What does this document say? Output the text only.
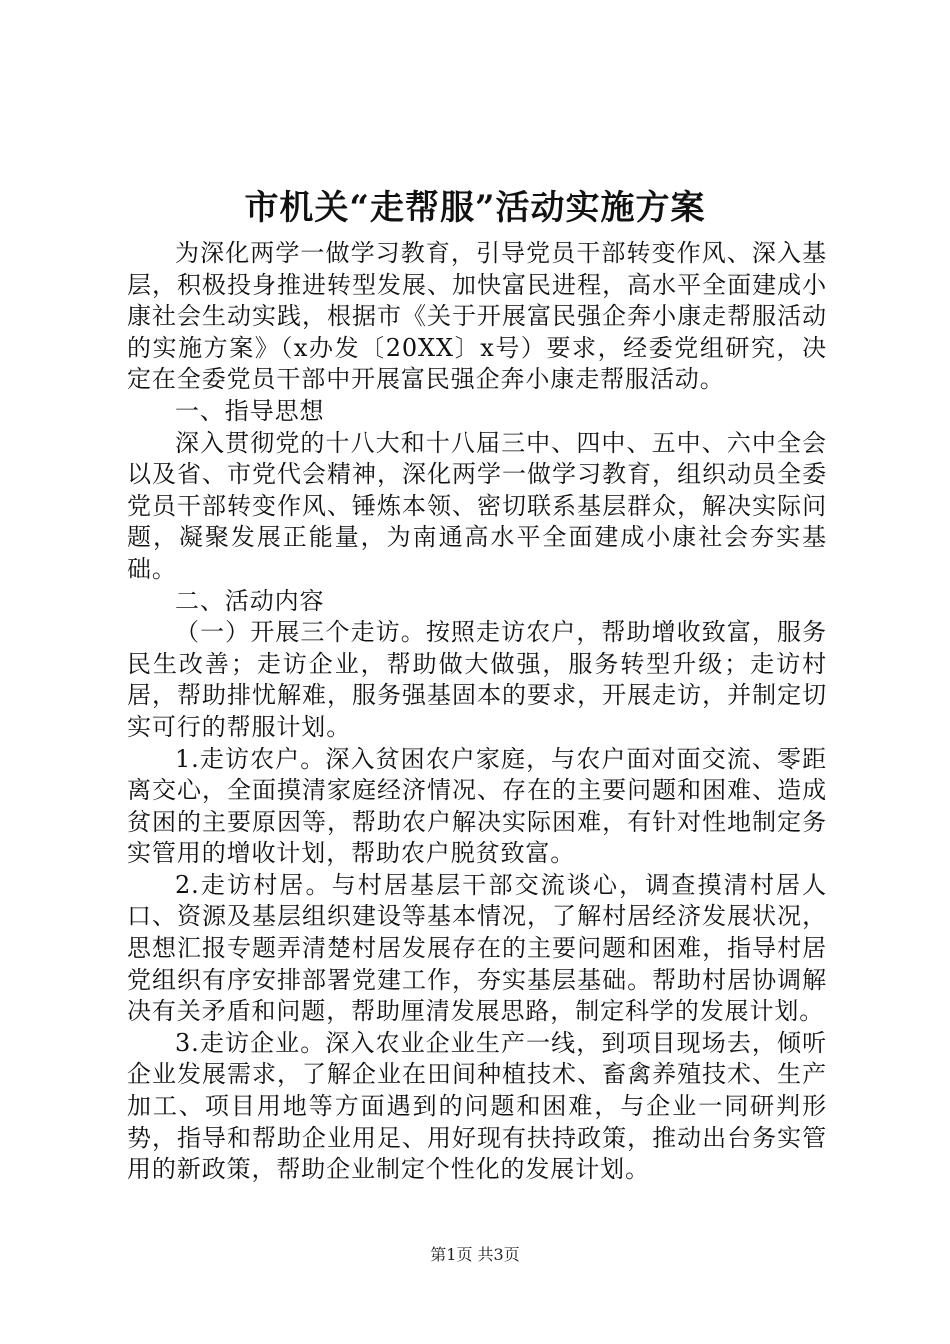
市机关“走帮服”活动实施方案

为深化两学一做学习教育，引导党员干部转变作风、深入基层，积极投身推进转型发展、加快富民进程，高水平全面建成小康社会生动实践，根据市《关于开展富民强企奔小康走帮服活动的实施方案》（x办发〔20XX〕x号）要求，经委党组研究，决定在全委党员干部中开展富民强企奔小康走帮服活动。

一、指导思想

深入贯彻党的十八大和十八届三中、四中、五中、六中全会以及省、市党代会精神，深化两学一做学习教育，组织动员全委党员干部转变作风、锤炼本领、密切联系基层群众，解决实际问题，凝聚发展正能量，为南通高水平全面建成小康社会夯实基础。

二、活动内容

（一）开展三个走访。按照走访农户，帮助增收致富，服务民生改善；走访企业，帮助做大做强，服务转型升级；走访村居，帮助排忧解难，服务强基固本的要求，开展走访，并制定切实可行的帮服计划。

1.走访农户。深入贫困农户家庭，与农户面对面交流、零距离交心，全面摸清家庭经济情况、存在的主要问题和困难、造成贫困的主要原因等，帮助农户解决实际困难，有针对性地制定务实管用的增收计划，帮助农户脱贫致富。

2.走访村居。与村居基层干部交流谈心，调查摸清村居人口、资源及基层组织建设等基本情况，了解村居经济发展状况，思想汇报专题弄清楚村居发展存在的主要问题和困难，指导村居党组织有序安排部署党建工作，夯实基层基础。帮助村居协调解决有关矛盾和问题，帮助厘清发展思路，制定科学的发展计划。

3.走访企业。深入农业企业生产一线，到项目现场去，倾听企业发展需求，了解企业在田间种植技术、畜禽养殖技术、生产加工、项目用地等方面遇到的问题和困难，与企业一同研判形势，指导和帮助企业用足、用好现有扶持政策，推动出台务实管用的新政策，帮助企业制定个性化的发展计划。

第1页 共3页
